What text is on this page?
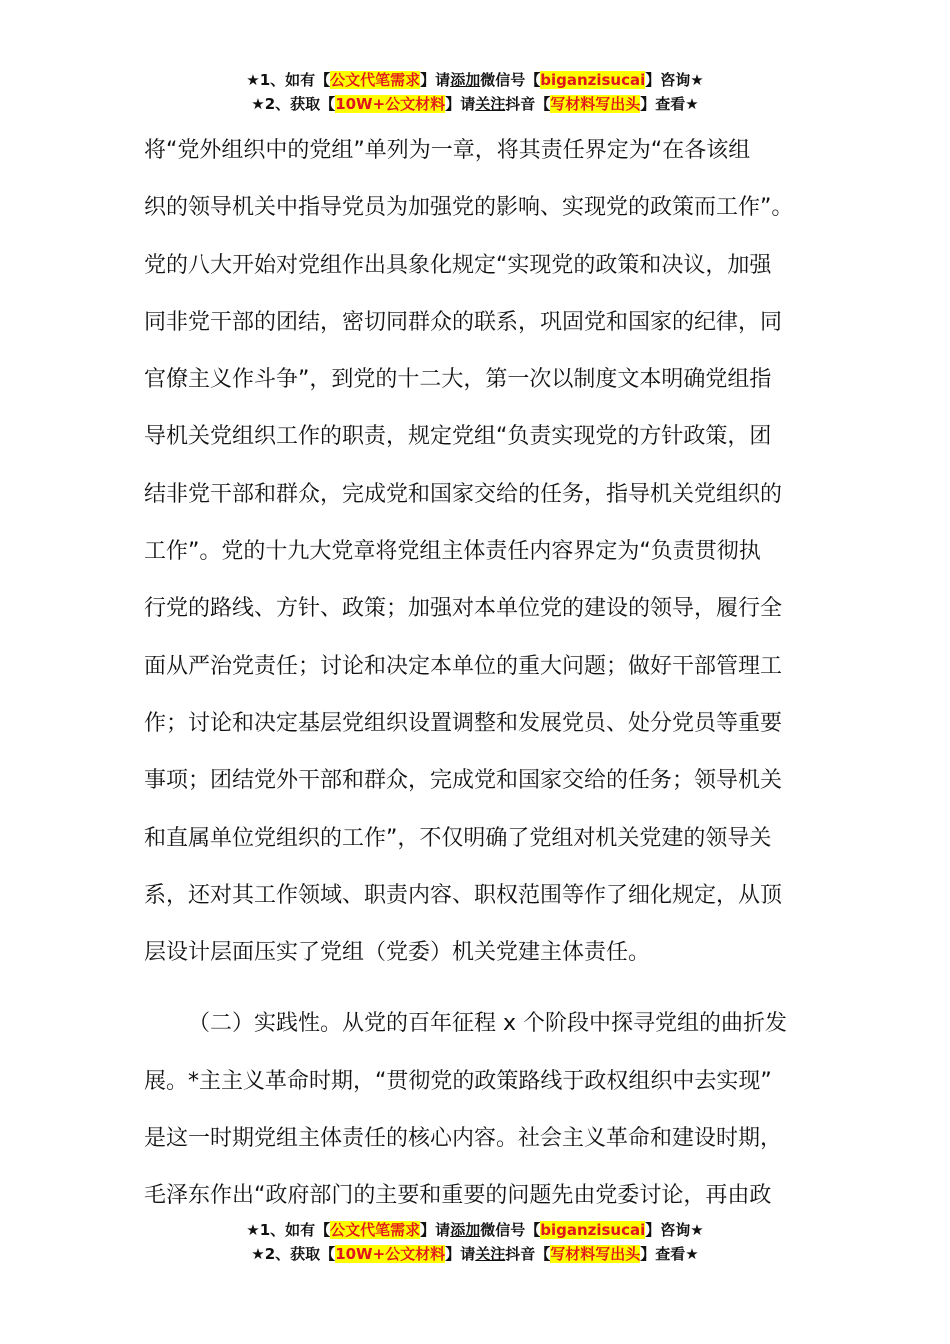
★1、如有【公文代笔需求】请添加微信号【biganzisucai】咨询★
★2、获取【10W+公文材料】请关注抖音【写材料写出头】查看★

将“党外组织中的党组”单列为一章，将其责任界定为“在各该组
织的领导机关中指导党员为加强党的影响、实现党的政策而工作”。
党的八大开始对党组作出具象化规定“实现党的政策和决议，加强
同非党干部的团结，密切同群众的联系，巩固党和国家的纪律，同
官僚主义作斗争”，到党的十二大，第一次以制度文本明确党组指
导机关党组织工作的职责，规定党组“负责实现党的方针政策，团
结非党干部和群众，完成党和国家交给的任务，指导机关党组织的
工作”。党的十九大党章将党组主体责任内容界定为“负责贯彻执
行党的路线、方针、政策；加强对本单位党的建设的领导，履行全
面从严治党责任；讨论和决定本单位的重大问题；做好干部管理工
作；讨论和决定基层党组织设置调整和发展党员、处分党员等重要
事项；团结党外干部和群众，完成党和国家交给的任务；领导机关
和直属单位党组织的工作”，不仅明确了党组对机关党建的领导关
系，还对其工作领域、职责内容、职权范围等作了细化规定，从顶
层设计层面压实了党组（党委）机关党建主体责任。

（二）实践性。从党的百年征程 x 个阶段中探寻党组的曲折发
展。*主主义革命时期，“贯彻党的政策路线于政权组织中去实现”
是这一时期党组主体责任的核心内容。社会主义革命和建设时期，
毛泽东作出“政府部门的主要和重要的问题先由党委讨论，再由政

★1、如有【公文代笔需求】请添加微信号【biganzisucai】咨询★
★2、获取【10W+公文材料】请关注抖音【写材料写出头】查看★
